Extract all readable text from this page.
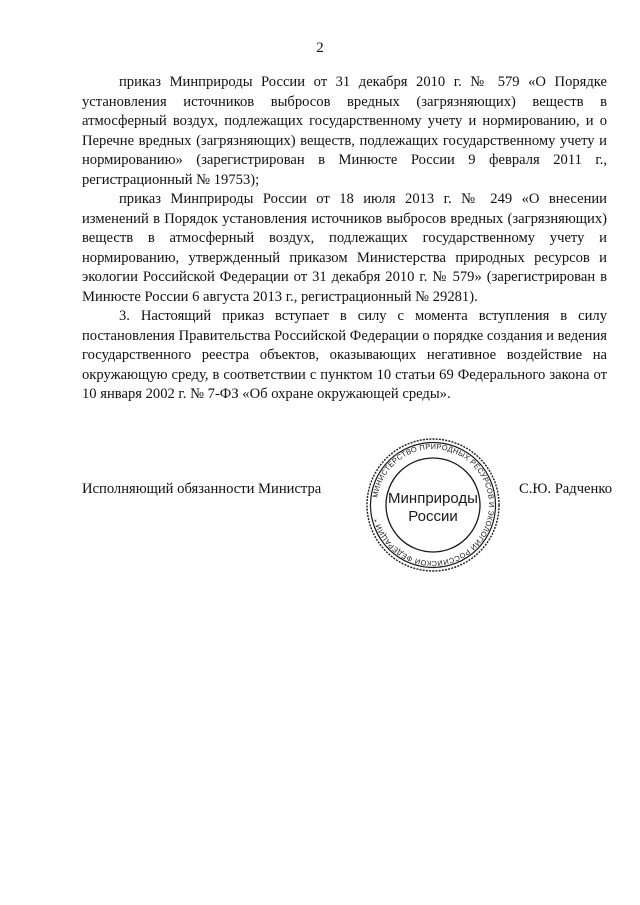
2

приказ Минприроды России от 31 декабря 2010 г. № 579 «О Порядке установления источников выбросов вредных (загрязняющих) веществ в атмосферный воздух, подлежащих государственному учету и нормированию, и о Перечне вредных (загрязняющих) веществ, подлежащих государственному учету и нормированию» (зарегистрирован в Минюсте России 9 февраля 2011 г., регистрационный № 19753);

приказ Минприроды России от 18 июля 2013 г. № 249 «О внесении изменений в Порядок установления источников выбросов вредных (загрязняющих) веществ в атмосферный воздух, подлежащих государственному учету и нормированию, утвержденный приказом Министерства природных ресурсов и экологии Российской Федерации от 31 декабря 2010 г. № 579» (зарегистрирован в Минюсте России 6 августа 2013 г., регистрационный № 29281).

3. Настоящий приказ вступает в силу с момента вступления в силу постановления Правительства Российской Федерации о порядке создания и ведения государственного реестра объектов, оказывающих негативное воздействие на окружающую среду, в соответствии с пунктом 10 статьи 69 Федерального закона от 10 января 2002 г. № 7-ФЗ «Об охране окружающей среды».

Исполняющий обязанности Министра	МИНИСТЕРСТВО ПРИРОДНЫХ РЕСУРСОВ И ЭКОЛОГИИ РОССИЙСКОЙ ФЕДЕРАЦИИ *
Минприроды
России
С.Ю. Радченко
